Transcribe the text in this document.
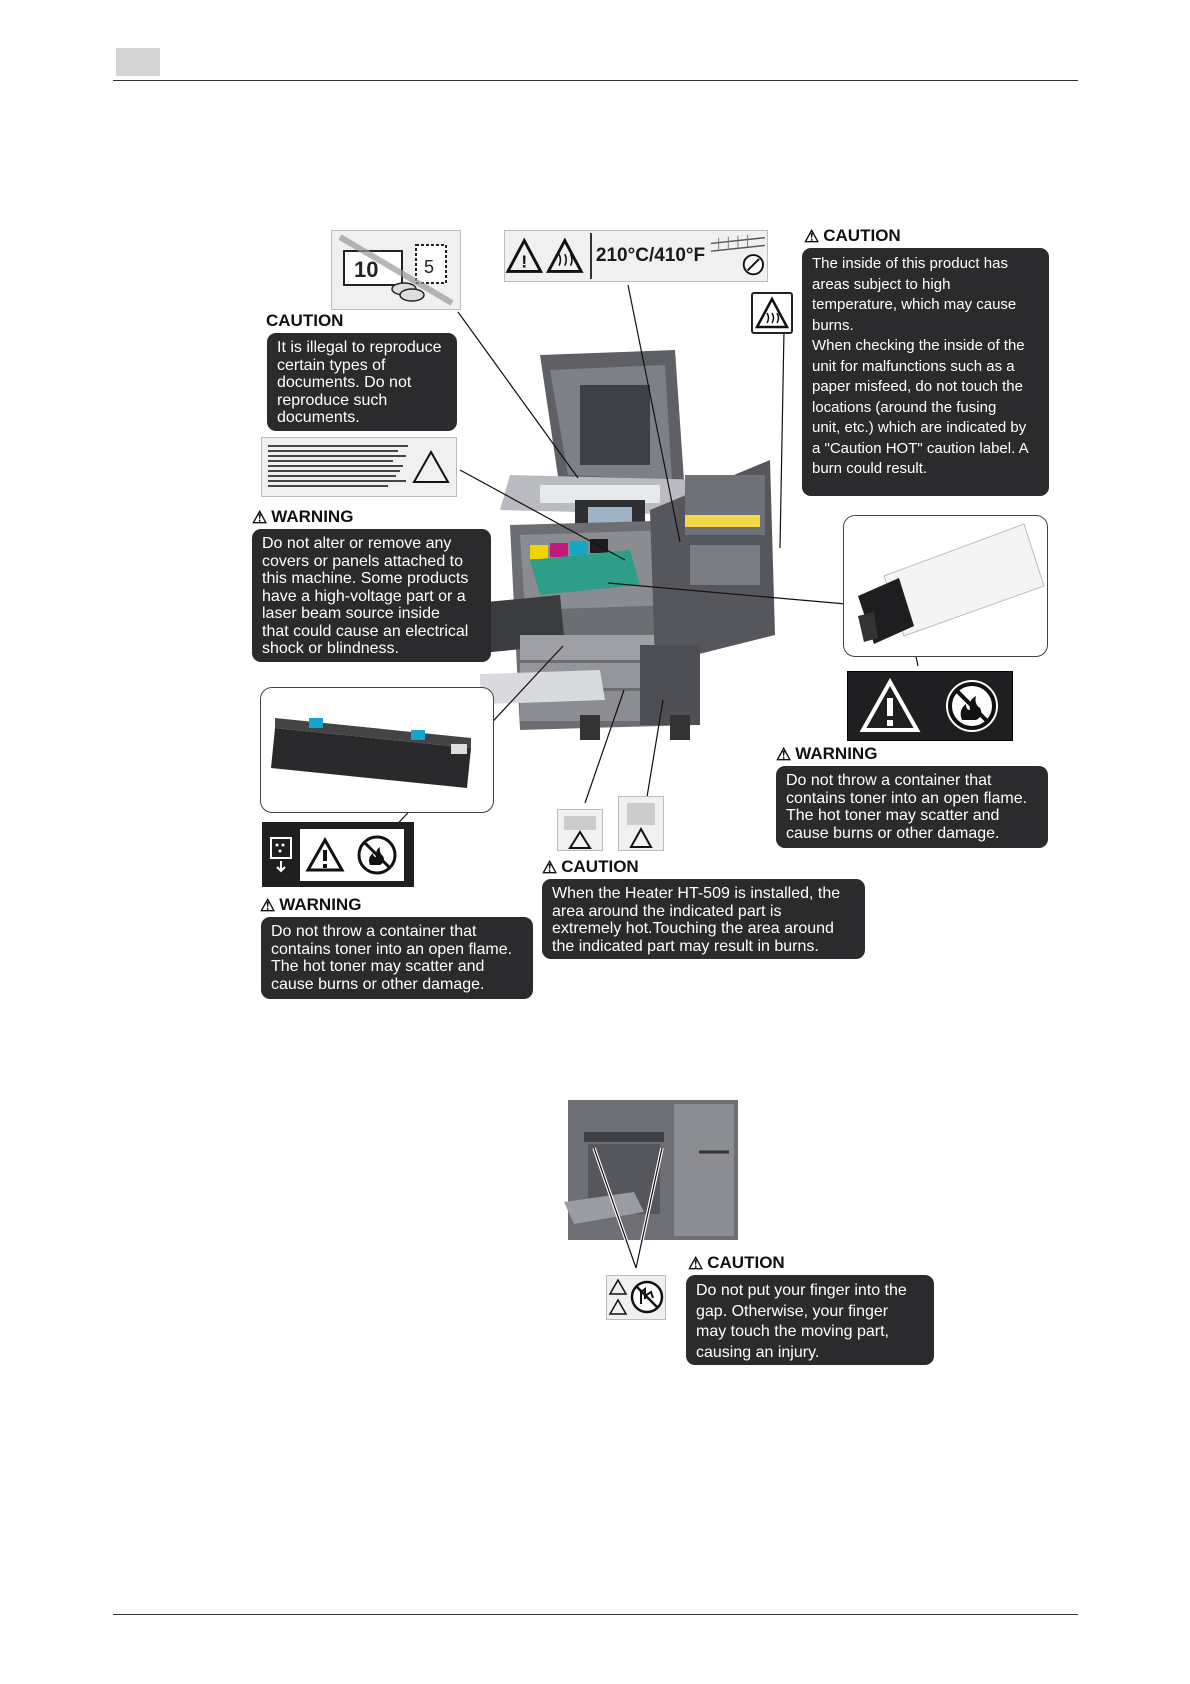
10	5	!	210°C/410°F
CAUTION
It is illegal to reproduce
certain types of
documents. Do not
reproduce such
documents.
⚠ CAUTION
The inside of this product has
areas subject to high
temperature, which may cause
burns.
When checking the inside of the
unit for malfunctions such as a
paper misfeed, do not touch the
locations (around the fusing
unit, etc.) which are indicated by
a "Caution HOT" caution label. A
burn could result.
⚠ WARNING
Do not alter or remove any
covers or panels attached to
this machine. Some products
have a high-voltage part or a
laser beam source inside
that could cause an electrical
shock or blindness.
⚠ WARNING
Do not throw a container that
contains toner into an open flame.
The hot toner may scatter and
cause burns or other damage.
⚠ CAUTION
When the Heater HT-509 is installed, the
area around the indicated part is
extremely hot.Touching the area around
the indicated part may result in burns.
⚠ WARNING
Do not throw a container that
contains toner into an open flame.
The hot toner may scatter and
cause burns or other damage.
⚠ CAUTION
Do not put your finger into the
gap. Otherwise, your finger
may touch the moving part,
causing an injury.
